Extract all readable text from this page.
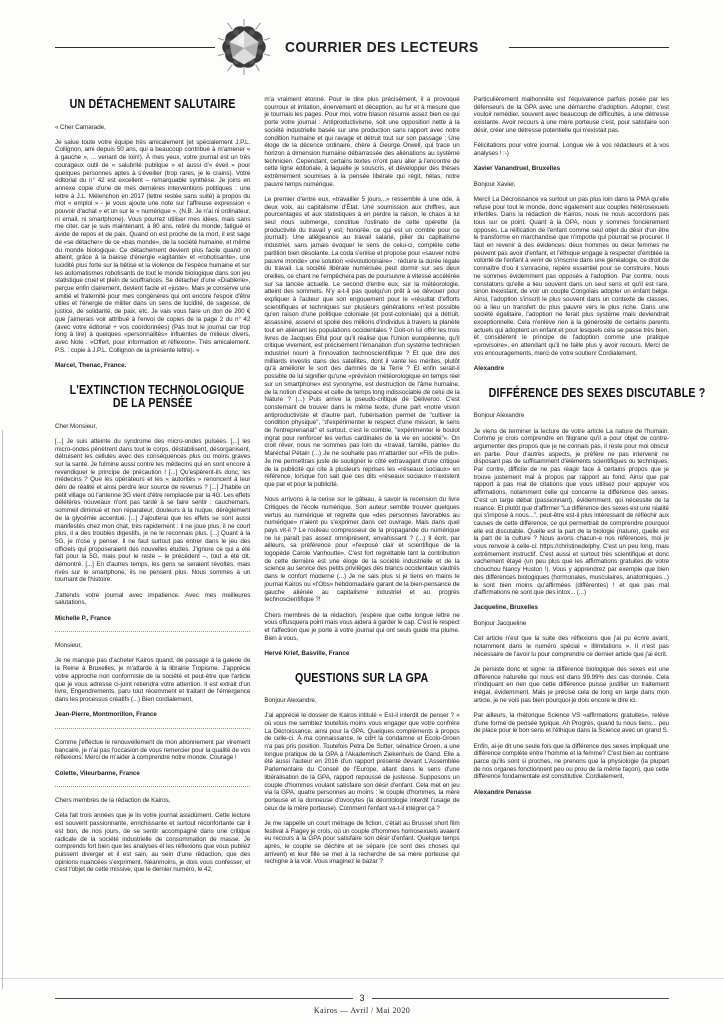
COURRIER DES LECTEURS
UN DÉTACHEMENT SALUTAIRE

« Cher Camarade,

Je salue toute votre équipe très amicalement (et spécialement J.P.L. Collignon, ami depuis 50 ans, qui a beaucoup contribué à m'amener « à gauche », ... venant de loin!). À mes yeux, votre journal est un très courageux outil de « salubrité publique » et aussi d'« éveil » pour quelques personnes aptes à s'éveiller (trop rares, je le crains). Votre éditorial du n° 42 est excellent – remarquable synthèse. Je joins en annexe copie d'une de mes dernières interventions politiques : une lettre à J.L. Mélenchon en 2017 (lettre restée sans suite) à propos du mot « emploi » - je vous ajoute une note sur l'affreuse expression « pouvoir d'achat » et un sur le « numérique ». (N.B. Je n'ai ni ordinateur, ni email, ni smartphone). Vous pourrez utiliser mes idées, mais sans me citer, car je suis maintenant, à 80 ans, retiré du monde, fatigué et avide de repos et de paix. Quand on est proche de la mort, il est sage de «se détacher» de ce «bas monde», de la société humaine, et même du monde biologique. Ce détachement devient plus facile quand on atteint, grâce à la baisse d'énergie «agitante» et «robotisante», une lucidité plus forte sur la bêtise et la violence de l'espèce humaine et sur les automatismes robotisants de tout le monde biologique dans son jeu statistique cruel et plein de souffrances. Se détacher d'une «Diablerie», perçue enfin clairement, devient facile et «juste». Mais je conserve une amitié et fraternité pour mes congénères qui ont encore l'espoir d'être utiles et l'énergie de militer dans un sens de lucidité, de sagesse, de justice, de solidarité, de paix, etc. Je vais vous faire un don de 200 € que j'aimerais voir attribué à l'envoi de copies de la page 2 du n° 42 (avec votre éditorial + vos coordonnées) (Pas tout le journal car trop long à lire) à quelques «personnalités» influentes de milieux divers, avec Note : «Offert, pour information et réflexion». Très amicalement. P.S. : copie à J.P.L. Collignon de la présente lettre). »

Marcel, Thenac, France.

L'EXTINCTION TECHNOLOGIQUE
DE LA PENSÉE

Cher Monsieur,

[...] Je suis atteinte du syndrome des micro-ondes pulsées. [...] les micro-ondes pénètrent dans tout le corps, déstabilisent, désorganisent, détruisent les cellules avec des conséquences plus ou moins graves sur la santé. Je fulmine aussi contre les médecins qui en sont encore à revendiquer le principe de précaution ! [...] Qu'espèrent-ils donc, les médecins ? Que les opérateurs et les « autorités » renoncent à leur déni de réalité et ainsi perdre leur source de revenus ? [...] J'habite un petit village où l'antenne 3G vient d'être remplacée par la 4G. Les effets délétères nouveaux n'ont pas tardé à se faire sentir : cauchemars, sommeil diminué et non réparateur, douleurs à la nuque, dérèglement de la glycémie accentué. [...] J'ajouterai que les effets se sont aussi manifestés chez mon chat, très rapidement : il ne joue plus, il ne court plus, il a des troubles digestifs, je ne le reconnais plus. [...] Quant à la 5G, je n'ose y penser. Il ne faut surtout pas entrer dans le jeu des officiels qui proposeraient des nouvelles études. J'ignore ce qui a été fait pour la 5G, mais pour le reste – le précédent –, tout a été dit, démontré. [...] En d'autres temps, les gens se seraient révoltés, mais rivés sur le smartphone, ils ne pensent plus. Nous sommes à un tournant de l'histoire.

J'attends votre journal avec impatience. Avec mes meilleures salutations,

Michelle P., France

Monsieur,

Je ne manque pas d'acheter Kairos quand, de passage à la galerie de la Reine à Bruxelles, je m'attarde à la librairie Tropisme. J'apprécie votre approche non conformiste de la société et peut-être que l'article que je vous adresse ci-joint retiendra votre attention. Il est extrait d'un livre, Engendrements, paru tout récemment et traitant de l'émergence dans les processus créatifs (...) Bien cordialement,

Jean-Pierre, Montmorillon, France

Comme j'effectue le renouvellement de mon abonnement par virement bancaire, je n'ai pas l'occasion de vous remercier pour la qualité de vos réflexions. Merci de m'aider à comprendre notre monde. Courage !

Colette, Vileurbanne, France

Chers membres de la rédaction de Kairos,

Cela fait trois années que je lis votre journal assidûment. Cette lecture est souvent passionnante, enrichissante et surtout réconfortante car il est bon, de nos jours, de se sentir accompagné dans une critique radicale de la société industrielle de consommation de masse. Je comprends fort bien que les analyses et les réflexions que vous publiez puissent diverger et il est sain, au sein d'une rédaction, que des opinions nuancées s'expriment. Néanmoins, je dois vous confesser, et c'est l'objet de cette missive, que le dernier numéro, le 42,

m'a vraiment étonné. Pour le dire plus précisément, il a provoqué courroux et irritation, énervement et déception, au fur et à mesure que je tournais les pages. Pour moi, votre blason résume assez bien ce qui porte votre journal : Antiproductivisme, soit une opposition nette à la société industrielle basée sur une production sans rapport avec notre condition humaine et qui ravage et détruit tout sur son passage ; Une éloge de la décence ordinaire, chère à George Orwell, qui trace un horizon à dimension humaine débarrassée des aliénations au système technicien. Cependant, certains textes m'ont paru aller à l'encontre de cette ligne éditoriale, à laquelle je souscris, et développer des thèses extrêmement soumises à la pensée libérale qui régit, hélas, notre pauvre temps numérique.

Le premier d'entre eux, «travailler 5 jours...» ressemble à une ode, à deux voix, au capitalisme d'État. Une soumission aux chiffres, aux pourcentages et aux statistiques à en perdre la raison, le chaos à lui seul nous submerge, constitue l'ostinato de cette opérette (la productivité du travail y est, honorée, ce qui est un comble pour ce journal!). Une allégeance au travail salarié, pilier du capitalisme industriel, sans jamais évoquer le sens de celui-ci, complète cette partition bien désolante. La coda s'enlise et propose pour «sauver notre pauvre monde» une solution «révolutionnaire» : réduire la durée légale du travail. La société libérale numérisée peut dormir sur ses deux oreilles, ce chant ne l'empêchera pas de poursuivre à vitesse accélérée sur sa lancée actuelle. Le second d'entre eux, sur la météorologie, atteint des sommets. N'y a-t-il pas quelqu'un prêt à se dévouer pour expliquer à l'auteur que son engouement pour le «résultat d'efforts scientifiques et techniques sur plusieurs générations «n'est possible qu'en raison d'une politique coloniale (et post-coloniale) qui a détruit, assassiné, asservi et spolié des millions d'individus à travers la planète tout en aliénant les populations occidentales ? Doit-on lui offrir les trois livres de Jacques Ellul pour qu'il réalise que l'Union européenne, qu'il critique vivement, est précisément l'émanation d'un système technicien industriel nourri à l'innovation technoscientifique ? Et que dire des milliards investis dans des satellites, dont il vante les mérites, plutôt qu'à améliorer le sort des damnés de la Terre ? Et enfin serait-il possible de lui signifier qu'une «prévision météorologique en temps réel sur un smartphone» est synonyme, est destruction de l'âme humaine, de la notion d'espace et celle de temps long indissociable de celui de la Nature ? (...) Puis arrive la pseudo-critique de Deliveroo. C'est consternant de trouver dans le même texte, d'une part «notre vision antiproductiviste et d'autre part, l'ubérisation permet de "cultiver la condition physique", "d'expérimenter le respect d'une mission, le sens de l'entreprenariat" et surtout, c'est le comble, "expérimenter le boulot ingrat pour renforcer les vertus cardinales de la vie en société"». On croit rêver, nous ne sommes pas loin du «travail, famille, patrie» du Maréchal Pétain (...) Je ne souhaite pas m'attarder sur «Fils de pub». Je me permettrais juste de souligner le côté extravagant d'une critique de la publicité qui cite à plusieurs reprises les «réseaux sociaux» en référence, lorsque l'on sait que ces dits «réseaux sociaux» n'existent que par et pour la publicité.

Nous arrivons à la cerise sur le gâteau, à savoir la recension du livre Critiques de l'école numérique. Son auteur semble trouver quelques vertus au numérique et regrette que «des personnes favorables au numérique» n'aient pu s'exprimer dans cet ouvrage. Mais dans quel pays vit-il ? Le rouleau compresseur de la propagande du numérique ne lui paraît pas assez omniprésent, envahissant ? (...) Il écrit, par ailleurs, sa préférence pour «l'exposé clair et scientifique de la logopède Carole Vanhoutte». C'est fort regrettable tant la contribution de cette dernière est une éloge de la société industrielle et de la science au service des petits privilèges des blancs occidentaux vautrés dans le confort moderne (...) Je ne sais plus si je tiens en mains le journal Kairos ou «l'Obs» hebdomadaire garant de la bien-pensance de gauche aliénée au capitalisme industriel et au progrès technoscientifique ?!

Chers membres de la rédaction, j'espère que cette longue lettre ne vous offusquera point mais vous aidera à garder le cap. C'est le respect et l'affection que je porte à votre journal qui ont seuls guidé ma plume. Bien à vous,

Hervé Krief, Basville, France

QUESTIONS SUR LA GPA

Bonjour Alexandre,

J'ai apprécié le dossier de Kairos intitulé « Est-il interdit de penser ? » où vous me semblez toutefois moins vous engager que votre confrère La Décroissance, ainsi pour la GPA. Quelques compléments à propos de celle-ci. À ma connaissance, le cdH la condamne et Ecolo-Groen n'a pas pris position. Toutefois Petra De Sutter, sénatrice Groen, a une longue pratique de la GPA à l'Akademisch Ziekenhuis de Gand. Elle a été aussi l'auteur en 2016 d'un rapport présenté devant L'Assemblée Parlementaire du Conseil de l'Europe, allant dans le sens d'une libéralisation de la GPA, rapport repoussé de justesse. Supposons un couple d'hommes voulant satisfaire son désir d'enfant. Cela met en jeu via la GPA, quatre personnes au moins : le couple d'hommes, la mère porteuse et la donneuse d'ovocytes (la déontologie interdit l'usage de ceux de la mère porteuse). Comment l'enfant va-t-il intégrer ça ?

Je me rappelle un court métrage de fiction, c'était au Brussel short film festival à Flagey je crois, où un couple d'hommes homosexuels avaient eu recours à la GPA pour satisfaire son désir d'enfant. Quelque temps après, le couple se déchire et se sépare (ce sont des choses qui arrivent) et leur fille se met à la recherche de sa mère porteuse qui rechigne à la voir. Vous imaginez le bazar ?

Particulièrement malhonnête est l'équivalence parfois posée par les défenseurs de la GPA avec une démarche d'adoption. Adopter, c'est vouloir remédier, souvent avec beaucoup de difficultés, à une détresse existante. Avoir recours à une mère porteuse c'est, pour satisfaire son désir, créer une détresse potentielle qui n'existait pas.

Félicitations pour votre journal. Longue vie à vos rédacteurs et à vos analyses ! :-)

Xavier Vanandruel, Bruxelles

Bonjour Xavier,

Merci! La Décroissance va surtout un pas plus loin dans la PMA qu'elle refuse pour tout le monde, donc également aux couples hétérosexuels infertiles. Dans la rédaction de Kairos, nous ne nous accordons pas tous sur ce point. Quant à la GPA, nous y sommes foncièrement opposés. La réification de l'enfant comme seul objet du désir d'un être le transforme en marchandise que n'importe qui pourrait se procurer. Il faut en revenir à des évidences: deux hommes ou deux femmes ne peuvent pas avoir d'enfant, et l'éthique engage à respecter d'emblée la volonté de l'enfant à venir de s'inscrire dans une généalogie, ce droit de connaître d'où il s'enracine, repère essentiel pour se construire. Nous ne sommes évidemment pas opposés à l'adoption. Par contre, nous constatons qu'elle a lieu souvent dans un seul sens et qu'il est rare, sinon inexistant, de voir un couple Congolais adopter un enfant belge. Ainsi, l'adoption s'inscrit le plus souvent dans un contexte de classes, où a lieu un transfert du plus pauvre vers le plus riche. Dans une société égalitaire, l'adoption ne ferait plus système mais deviendrait exceptionnelle. Cela n'enlève rien à la générosité de certains parents actuels qui adoptent un enfant et pour lesquels cela se passe très bien, et considèrent le principe de l'adoption comme une pratique «provisoire», en attendant qu'il ne faille plus y avoir recours. Merci de vos encouragements, merci de votre soutien! Cordialement,

Alexandre

DIFFÉRENCE DES SEXES DISCUTABLE ?

Bonjour Alexandre

Je viens de terminer la lecture de votre article La nature de l'humain. Comme je crois comprendre en filigrane qu'il a pour objet de contre-argumenter des propos que je ne connais pas, il reste pour moi obscur en partie. Pour d'autres aspects, je préfère ne pas intervenir ne disposant pas de suffisamment d'éléments scientifiques ou techniques. Par contre, difficile de ne pas réagir face à certains propos que je trouve justement mal à propos par rapport au fond. Ainsi que par rapport à pas mal de citations que vous utilisez pour appuyer vos affirmations, notamment celle qui concerne la différence des sexes. C'est un large débat (passionnant), évidemment, qui nécessite de la nuance. Et plutôt que d'affirmer "La différence des sexes est une réalité qui s'impose à nous...", peut-être est-il plus intéressant de réfléchir aux causes de cette différence, ce qui permettrait de comprendre pourquoi elle est discutable. Quelle est la part de la biologie (nature), quelle est la part de la culture ? Nous avons chacun-e nos références, moi je vous renvoie à celle-ci: https://christinedelphy. C'est un peu long, mais extrêmement instructif. C'est aussi et surtout très scientifique et donc vachement étayé (un peu plus que les affirmations gratuites de votre chouchou Nancy Huston !). Vous y apprendrez par exemple que bien des différences biologiques (hormonales, musculaires, anatomiques...) le sont bien moins qu'affirmées (différentes) ! et que pas mal d'affirmations ne sont que des intox... (...)

Jacqueline, Bruxelles

Bonjour Jacqueline

Cet article n'est que la suite des réflexions que j'ai pu écrire avant, notamment dans le numéro spécial « Illimitations ». Il n'est pas nécessaire de l'avoir lu pour comprendre ce dernier article que j'ai écrit.

Je persiste donc et signe: la différence biologique des sexes est une différence naturelle qui nous est dans 99.99% des cas donnée. Cela n'indiquant en rien que cette différence puisse justifier un traitement inégal, évidemment. Mais je précise cela de long en large dans mon article, je ne vois pas bien pourquoi je dois encore le dire ici.

Par ailleurs, la rhétorique Science VS «affirmations gratuites», relève d'une forme de pensée typique. Ah Progrès, quand tu nous tiens... peu de place pour le bon sens et l'éthique dans la Science avec un grand S.

Enfin, ai-je dit une seule fois que la différence des sexes impliquait une différence complète entre l'homme et la femme? C'est bien au contraire parce qu'ils sont si proches, ne prenons que la physiologie (la plupart de nos organes fonctionnent peu ou prou de la même façon), que cette différence fondamentale est constitutive. Cordialement,

Alexandre Penasse

3
Kairos — Avril / Mai 2020
